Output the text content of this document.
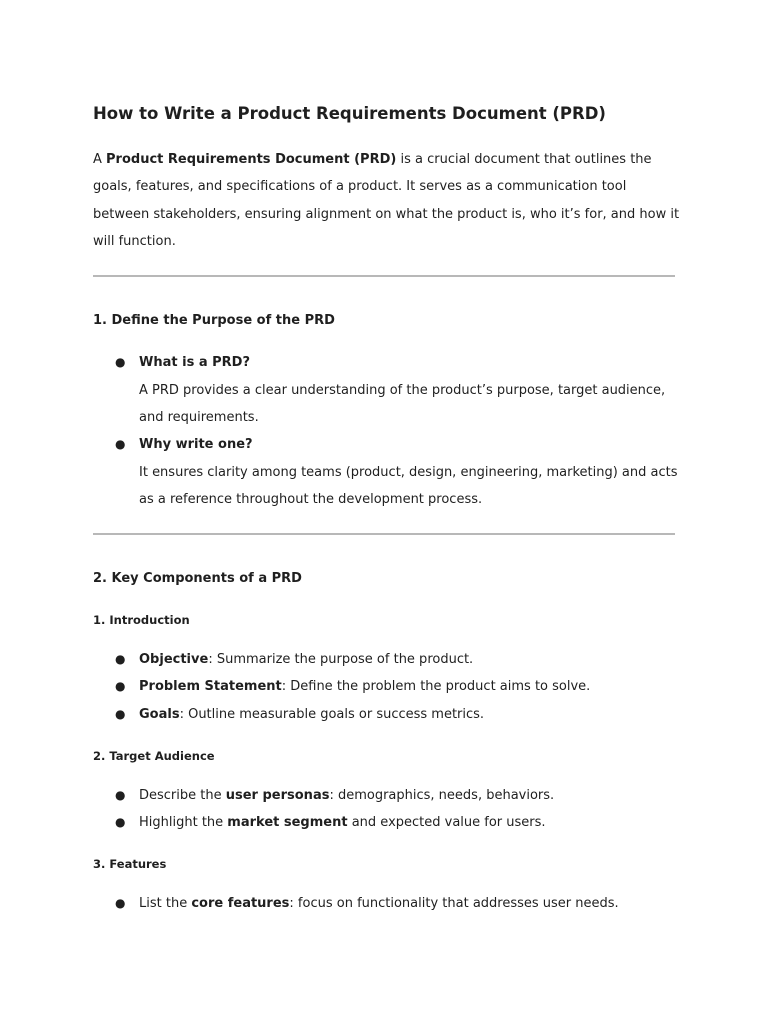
How to Write a Product Requirements Document (PRD)

A Product Requirements Document (PRD) is a crucial document that outlines the goals, features, and specifications of a product. It serves as a communication tool between stakeholders, ensuring alignment on what the product is, who it’s for, and how it will function.

1. Define the Purpose of the PRD
● What is a PRD?

A PRD provides a clear understanding of the product’s purpose, target audience, and requirements.

● Why write one?

It ensures clarity among teams (product, design, engineering, marketing) and acts as a reference throughout the development process.

2. Key Components of a PRD
1. Introduction
● Objective: Summarize the purpose of the product.
● Problem Statement: Define the problem the product aims to solve.
● Goals: Outline measurable goals or success metrics.
2. Target Audience
● Describe the user personas: demographics, needs, behaviors.
● Highlight the market segment and expected value for users.
3. Features
● List the core features: focus on functionality that addresses user needs.
